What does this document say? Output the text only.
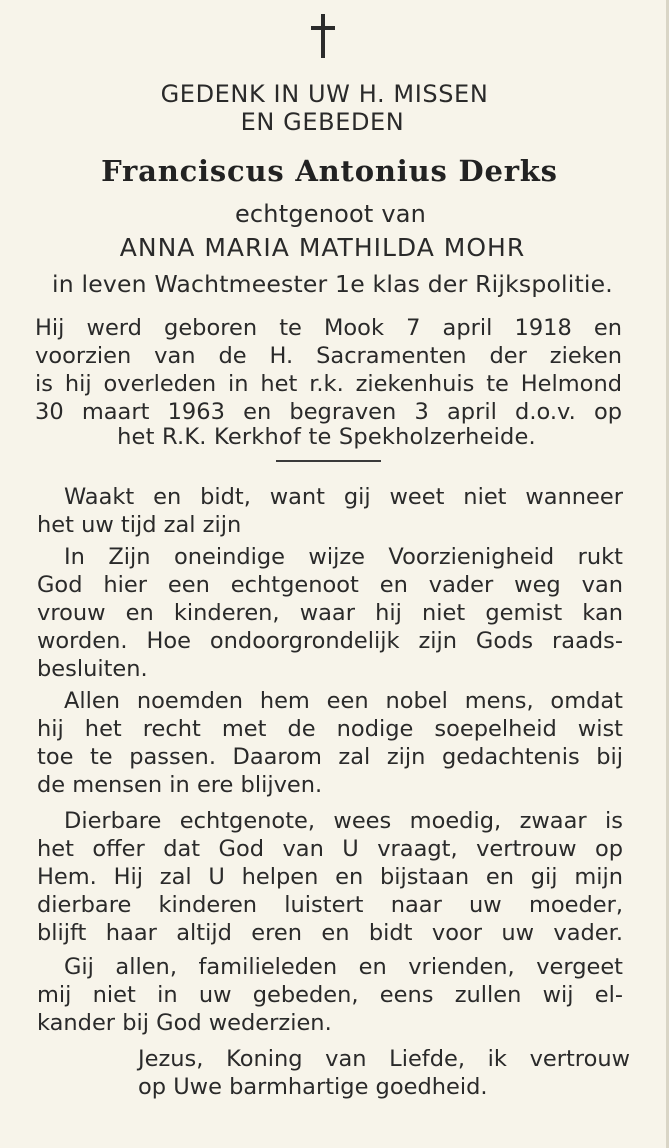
GEDENK IN UW H. MISSEN
EN GEBEDEN
Franciscus Antonius Derks
echtgenoot van
ANNA MARIA MATHILDA MOHR
in leven Wachtmeester 1e klas der Rijkspolitie.
Hij werd geboren te Mook 7 april 1918 en
voorzien van de H. Sacramenten der zieken
is hij overleden in het r.k. ziekenhuis te Helmond
30 maart 1963 en begraven 3 april d.o.v. op
het R.K. Kerkhof te Spekholzerheide.
Waakt en bidt, want gij weet niet wanneer
het uw tijd zal zijn
In Zijn oneindige wijze Voorzienigheid rukt
God hier een echtgenoot en vader weg van
vrouw en kinderen, waar hij niet gemist kan
worden. Hoe ondoorgrondelijk zijn Gods raads-
besluiten.
Allen noemden hem een nobel mens, omdat
hij het recht met de nodige soepelheid wist
toe te passen. Daarom zal zijn gedachtenis bij
de mensen in ere blijven.
Dierbare echtgenote, wees moedig, zwaar is
het offer dat God van U vraagt, vertrouw op
Hem. Hij zal U helpen en bijstaan en gij mijn
dierbare kinderen luistert naar uw moeder,
blijft haar altijd eren en bidt voor uw vader.
Gij allen, familieleden en vrienden, vergeet
mij niet in uw gebeden, eens zullen wij el-
kander bij God wederzien.
Jezus, Koning van Liefde, ik vertrouw
op Uwe barmhartige goedheid.
